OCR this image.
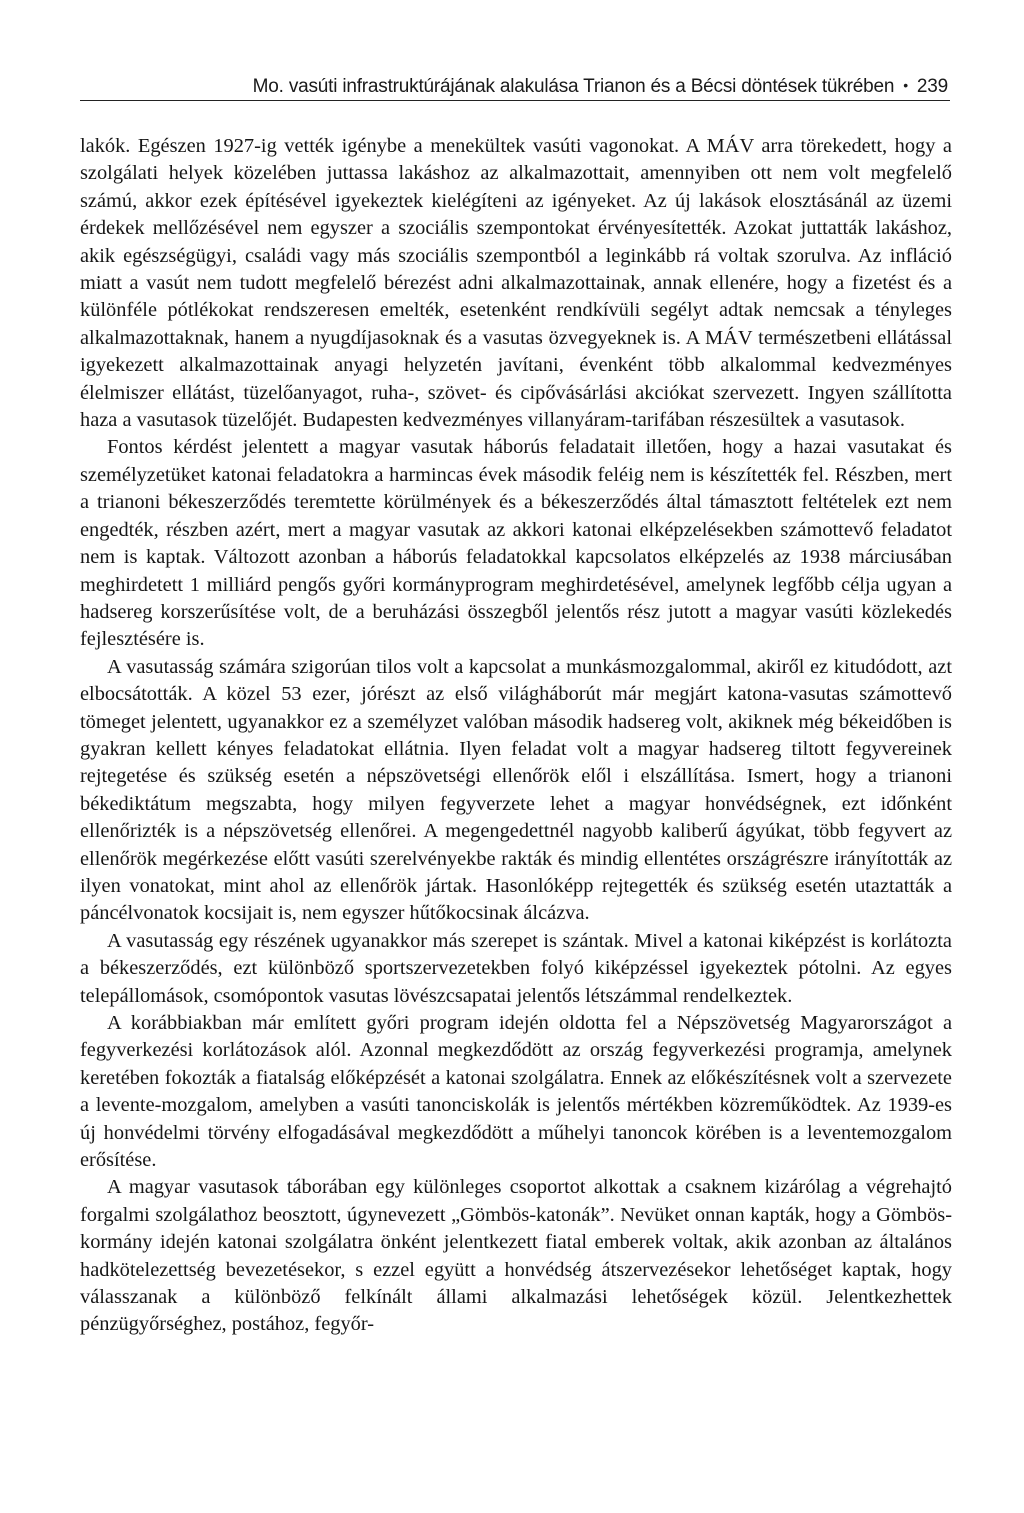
Mo. vasúti infrastruktúrájának alakulása Trianon és a Bécsi döntések tükrében • 239

lakók. Egészen 1927-ig vették igénybe a menekültek vasúti vagonokat. A MÁV arra törekedett, hogy a szolgálati helyek közelében juttassa lakáshoz az alkalmazottait, amennyiben ott nem volt megfelelő számú, akkor ezek építésével igyekeztek kielégíteni az igényeket. Az új lakások elosztásánál az üzemi érdekek mellőzésével nem egyszer a szociális szempontokat érvényesítették. Azokat juttatták lakáshoz, akik egészségügyi, családi vagy más szociális szempontból a leginkább rá voltak szorulva. Az infláció miatt a vasút nem tudott megfelelő bérezést adni alkalmazottainak, annak ellenére, hogy a fizetést és a különféle pótlékokat rendszeresen emelték, esetenként rendkívüli segélyt adtak nemcsak a tényleges alkalmazottaknak, hanem a nyugdíjasoknak és a vasutas özvegyeknek is. A MÁV természetbeni ellátással igyekezett alkalmazottainak anyagi helyzetén javítani, évenként több alkalommal kedvezményes élelmiszer ellátást, tüzelőanyagot, ruha-, szövet- és cipővásárlási akciókat szervezett. Ingyen szállította haza a vasutasok tüzelőjét. Budapesten kedvezményes villanyáram-tarifában részesültek a vasutasok.

Fontos kérdést jelentett a magyar vasutak háborús feladatait illetően, hogy a hazai vasutakat és személyzetüket katonai feladatokra a harmincas évek második feléig nem is készítették fel. Részben, mert a trianoni békeszerződés teremtette körülmények és a békeszerződés által támasztott feltételek ezt nem engedték, részben azért, mert a magyar vasutak az akkori katonai elképzelésekben számottevő feladatot nem is kaptak. Változott azonban a háborús feladatokkal kapcsolatos elképzelés az 1938 márciusában meghirdetett 1 milliárd pengős győri kormányprogram meghirdetésével, amelynek legfőbb célja ugyan a hadsereg korszerűsítése volt, de a beruházási összegből jelentős rész jutott a magyar vasúti közlekedés fejlesztésére is.

A vasutasság számára szigorúan tilos volt a kapcsolat a munkásmozgalommal, akiről ez kitudódott, azt elbocsátották. A közel 53 ezer, jórészt az első világháborút már megjárt katona-vasutas számottevő tömeget jelentett, ugyanakkor ez a személyzet valóban második hadsereg volt, akiknek még békeidőben is gyakran kellett kényes feladatokat ellátnia. Ilyen feladat volt a magyar hadsereg tiltott fegyvereinek rejtegetése és szükség esetén a népszövetségi ellenőrök elől i elszállítása. Ismert, hogy a trianoni békediktátum megszabta, hogy milyen fegyverzete lehet a magyar honvédségnek, ezt időnként ellenőrizték is a népszövetség ellenőrei. A megengedettnél nagyobb kaliberű ágyúkat, több fegyvert az ellenőrök megérkezése előtt vasúti szerelvényekbe rakták és mindig ellentétes országrészre irányították az ilyen vonatokat, mint ahol az ellenőrök jártak. Hasonlóképp rejtegették és szükség esetén utaztatták a páncélvonatok kocsijait is, nem egyszer hűtőkocsinak álcázva.

A vasutasság egy részének ugyanakkor más szerepet is szántak. Mivel a katonai kiképzést is korlátozta a békeszerződés, ezt különböző sportszervezetekben folyó kiképzéssel igyekeztek pótolni. Az egyes telepállomások, csomópontok vasutas lövészcsapatai jelentős létszámmal rendelkeztek.

A korábbiakban már említett győri program idején oldotta fel a Népszövetség Magyarországot a fegyverkezési korlátozások alól. Azonnal megkezdődött az ország fegyverkezési programja, amelynek keretében fokozták a fiatalság előképzését a katonai szolgálatra. Ennek az előkészítésnek volt a szervezete a levente-mozgalom, amelyben a vasúti tanonciskolák is jelentős mértékben közreműködtek. Az 1939-es új honvédelmi törvény elfogadásával megkezdődött a műhelyi tanoncok körében is a leventemozgalom erősítése.

A magyar vasutasok táborában egy különleges csoportot alkottak a csaknem kizárólag a végrehajtó forgalmi szolgálathoz beosztott, úgynevezett „Gömbös-katonák”. Nevüket onnan kapták, hogy a Gömbös-kormány idején katonai szolgálatra önként jelentkezett fiatal emberek voltak, akik azonban az általános hadkötelezettség bevezetésekor, s ezzel együtt a honvédség átszervezésekor lehetőséget kaptak, hogy válasszanak a különböző felkínált állami alkalmazási lehetőségek közül. Jelentkezhettek pénzügyőrséghez, postához, fegyőr-
